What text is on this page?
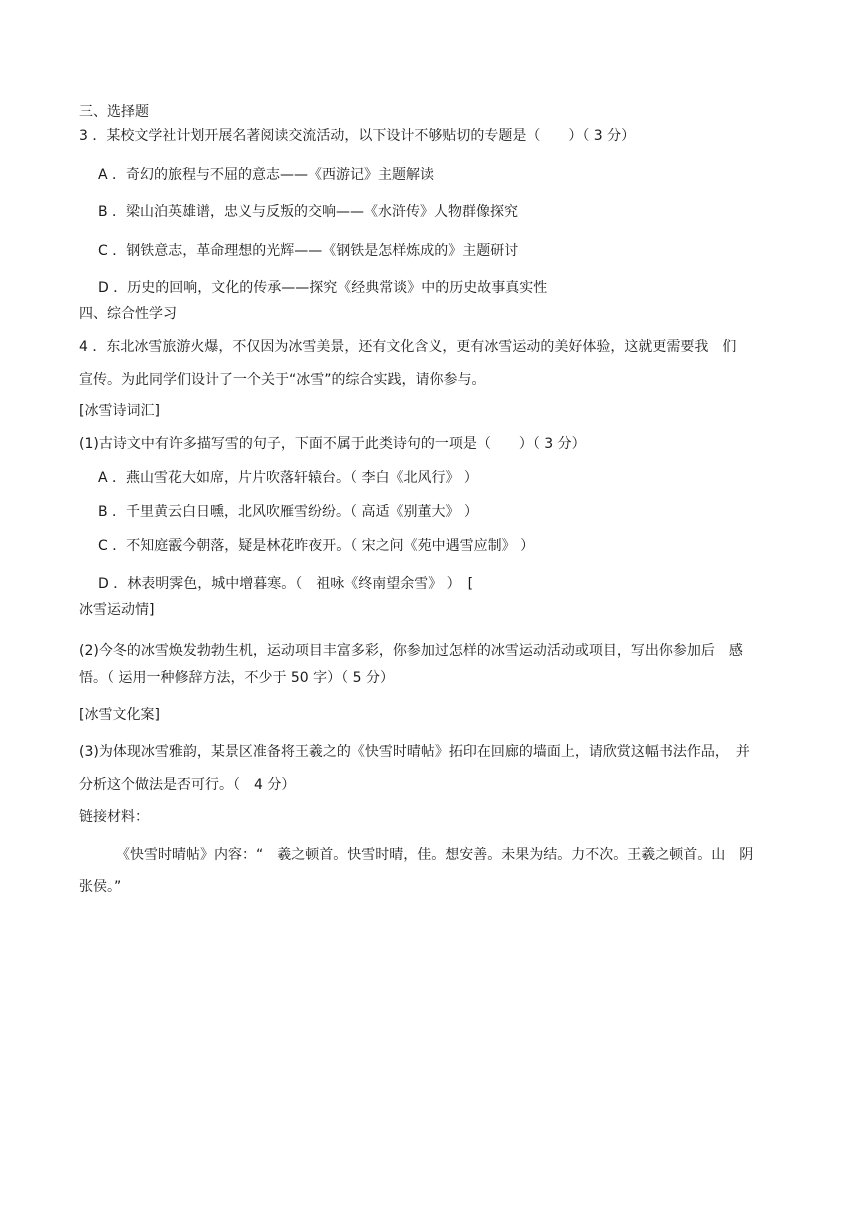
三、选择题
3 ．某校文学社计划开展名著阅读交流活动，以下设计不够贴切的专题是（　　）（ 3 分）
A ．奇幻的旅程与不屈的意志——《西游记》主题解读
B ．梁山泊英雄谱，忠义与反叛的交响——《水浒传》人物群像探究
C ．钢铁意志，革命理想的光辉——《钢铁是怎样炼成的》主题研讨
D ．历史的回响，文化的传承——探究《经典常谈》中的历史故事真实性
四、综合性学习
4 ．东北冰雪旅游火爆，不仅因为冰雪美景，还有文化含义，更有冰雪运动的美好体验，这就更需要我　们
宣传。为此同学们设计了一个关于“冰雪”的综合实践，请你参与。
[冰雪诗词汇]
(1)古诗文中有许多描写雪的句子，下面不属于此类诗句的一项是（　　）（ 3 分）
A ．燕山雪花大如席，片片吹落轩辕台。（ 李白《北风行》 ）
B ．千里黄云白日曛，北风吹雁雪纷纷。（ 高适《别董大》 ）
C ．不知庭霰今朝落，疑是林花昨夜开。（ 宋之问《苑中遇雪应制》 ）
D ．林表明霁色，城中增暮寒。（　祖咏《终南望余雪》 ）　[
冰雪运动情]
(2)今冬的冰雪焕发勃勃生机，运动项目丰富多彩，你参加过怎样的冰雪运动活动或项目，写出你参加后　感
悟。（ 运用一种修辞方法，不少于 50 字）（ 5 分）
[冰雪文化案]
(3)为体现冰雪雅韵，某景区准备将王羲之的《快雪时晴帖》拓印在回廊的墙面上，请欣赏这幅书法作品，　并
分析这个做法是否可行。（　4 分）
链接材料：
《快雪时晴帖》内容：“　羲之顿首。快雪时晴，佳。想安善。未果为结。力不次。王羲之顿首。山　阴
张侯。”
